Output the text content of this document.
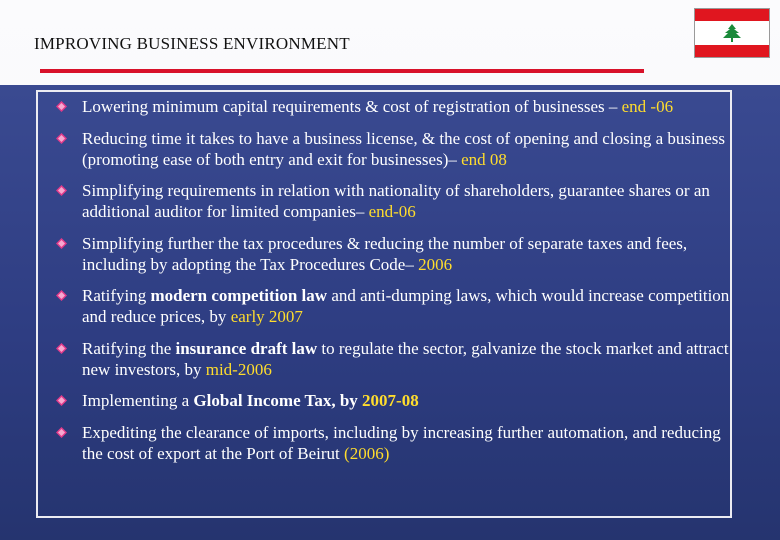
IMPROVING BUSINESS ENVIRONMENT
Lowering minimum capital requirements & cost of registration of businesses – end -06
Reducing time it takes to have a business license, & the cost of opening and closing a business (promoting ease of both entry and exit for businesses)– end 08
Simplifying requirements in relation with nationality of shareholders, guarantee shares or an additional auditor for limited companies– end-06
Simplifying further the tax procedures & reducing the number of separate taxes and fees, including by adopting the Tax Procedures Code– 2006
Ratifying modern competition law and anti-dumping laws, which would increase competition and reduce prices, by early 2007
Ratifying the insurance draft law to regulate the sector, galvanize the stock market and attract new investors, by mid-2006
Implementing a Global Income Tax, by 2007-08
Expediting the clearance of imports, including by increasing further automation, and reducing the cost of export at the Port of Beirut (2006)
